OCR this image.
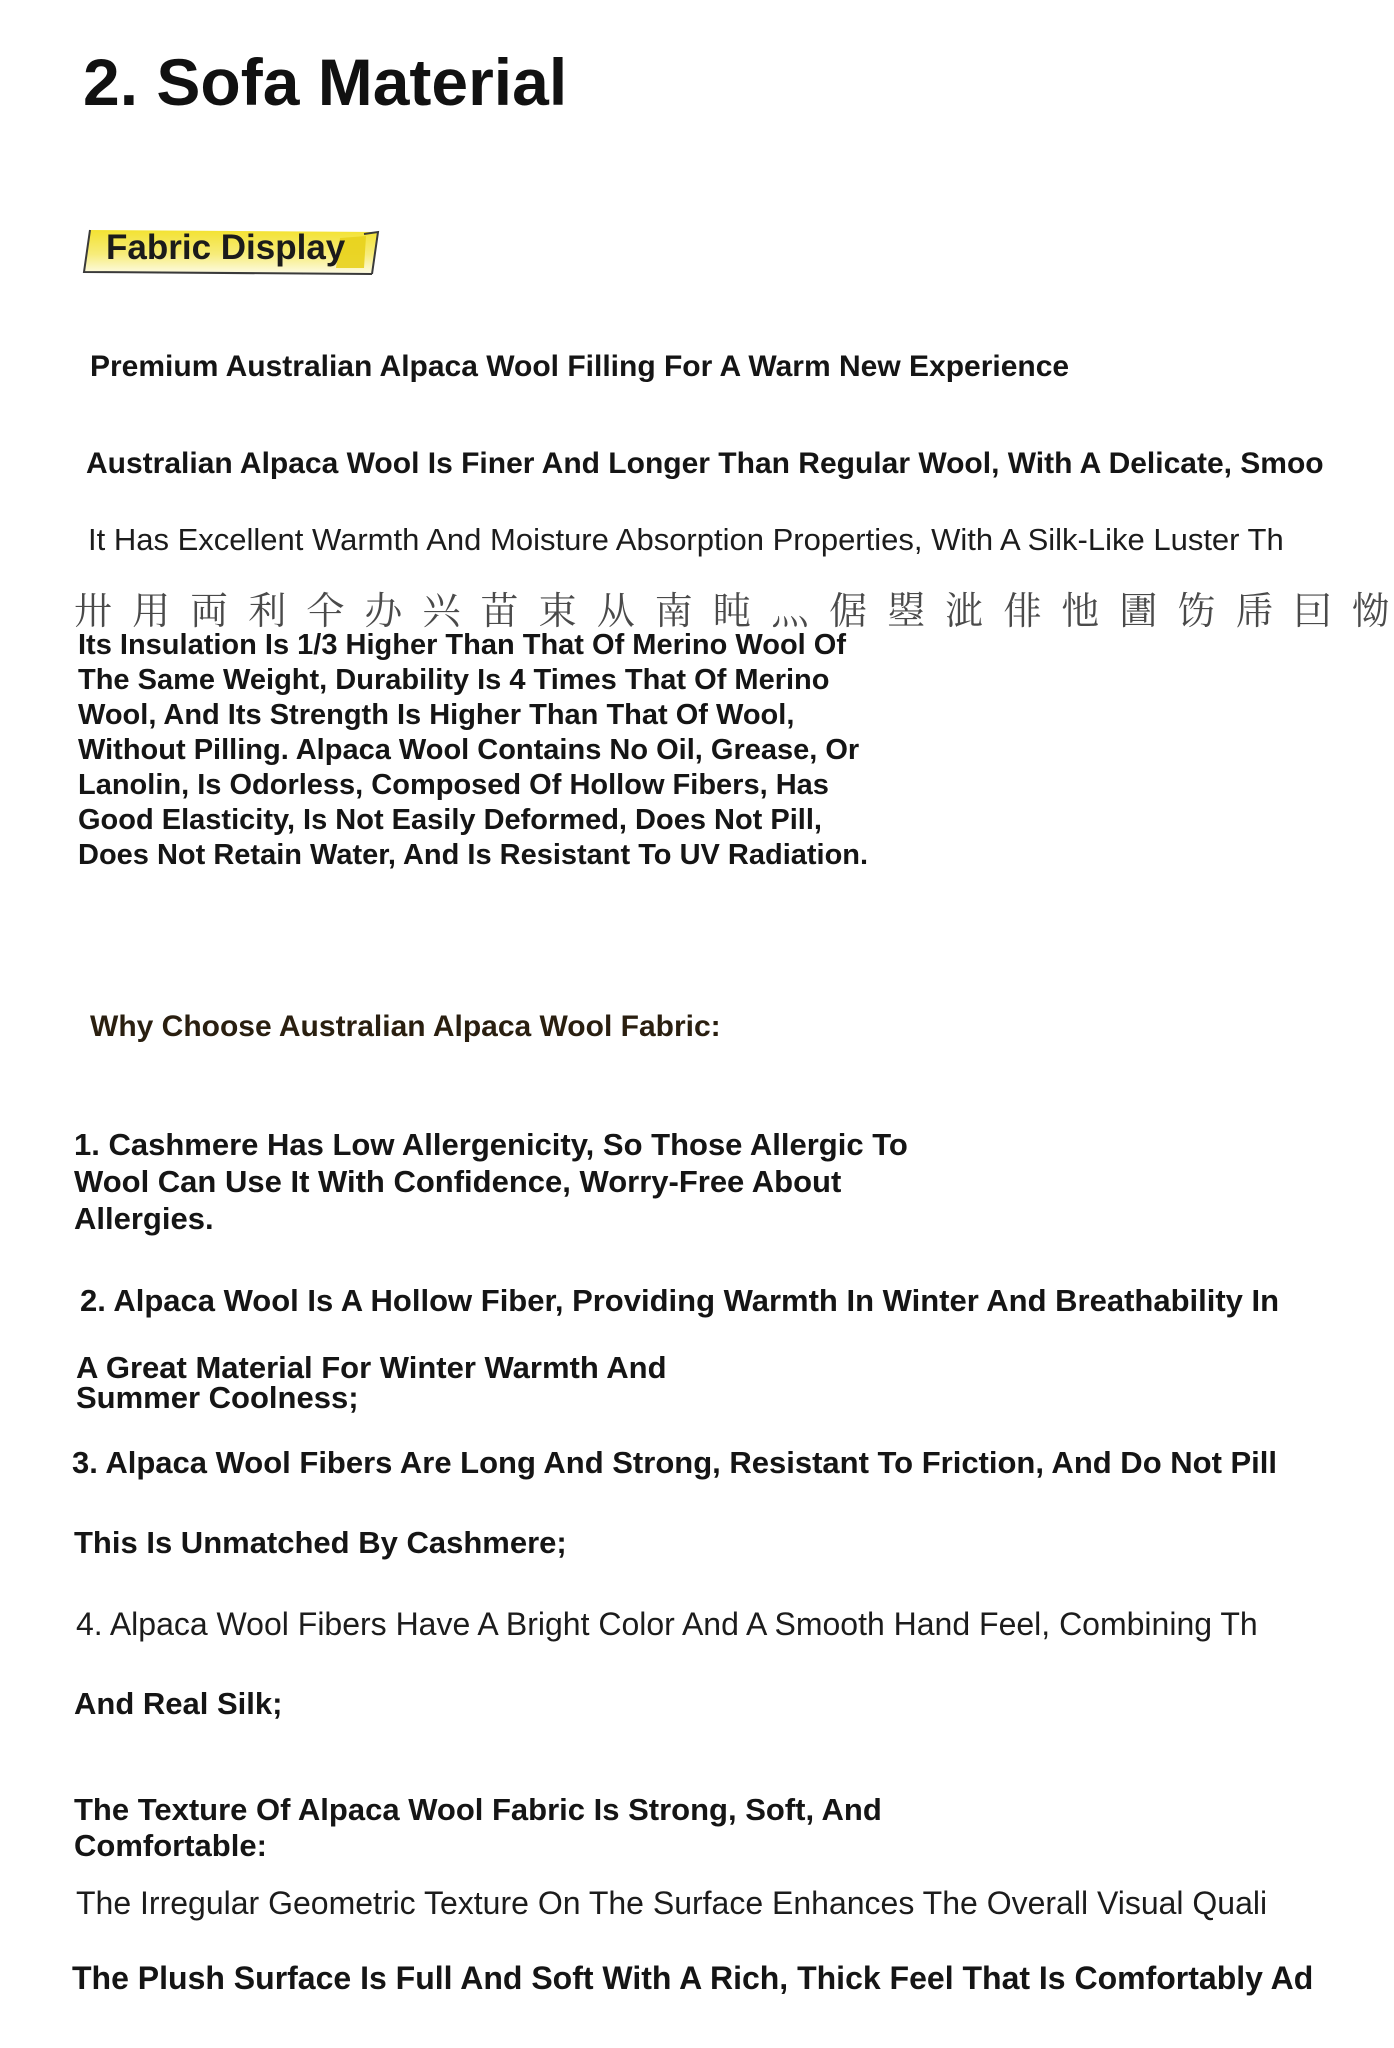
2. Sofa Material
Fabric Display
Premium Australian Alpaca Wool Filling For A Warm New Experience
Australian Alpaca Wool Is Finer And Longer Than Regular Wool, With A Delicate, Smoo
It Has Excellent Warmth And Moisture Absorption Properties, With A Silk-Like Luster Th
卅 用 両 利 仐 办 兴 苗 束 从 南 盹 灬 倨 曌 泚 俳 忚 圕 饬 乕 囙 怮
Its Insulation Is 1/3 Higher Than That Of Merino Wool Of The Same Weight, Durability Is 4 Times That Of Merino Wool, And Its Strength Is Higher Than That Of Wool, Without Pilling. Alpaca Wool Contains No Oil, Grease, Or Lanolin, Is Odorless, Composed Of Hollow Fibers, Has Good Elasticity, Is Not Easily Deformed, Does Not Pill, Does Not Retain Water, And Is Resistant To UV Radiation.
Why Choose Australian Alpaca Wool Fabric:
1. Cashmere Has Low Allergenicity, So Those Allergic To Wool Can Use It With Confidence, Worry-Free About Allergies.
2. Alpaca Wool Is A Hollow Fiber, Providing Warmth In Winter And Breathability In
A Great Material For Winter Warmth And Summer Coolness;
3. Alpaca Wool Fibers Are Long And Strong, Resistant To Friction, And Do Not Pill
This Is Unmatched By Cashmere;
4. Alpaca Wool Fibers Have A Bright Color And A Smooth Hand Feel, Combining Th
And Real Silk;
The Texture Of Alpaca Wool Fabric Is Strong, Soft, And Comfortable:
The Irregular Geometric Texture On The Surface Enhances The Overall Visual Quali
The Plush Surface Is Full And Soft With A Rich, Thick Feel That Is Comfortably Ad
